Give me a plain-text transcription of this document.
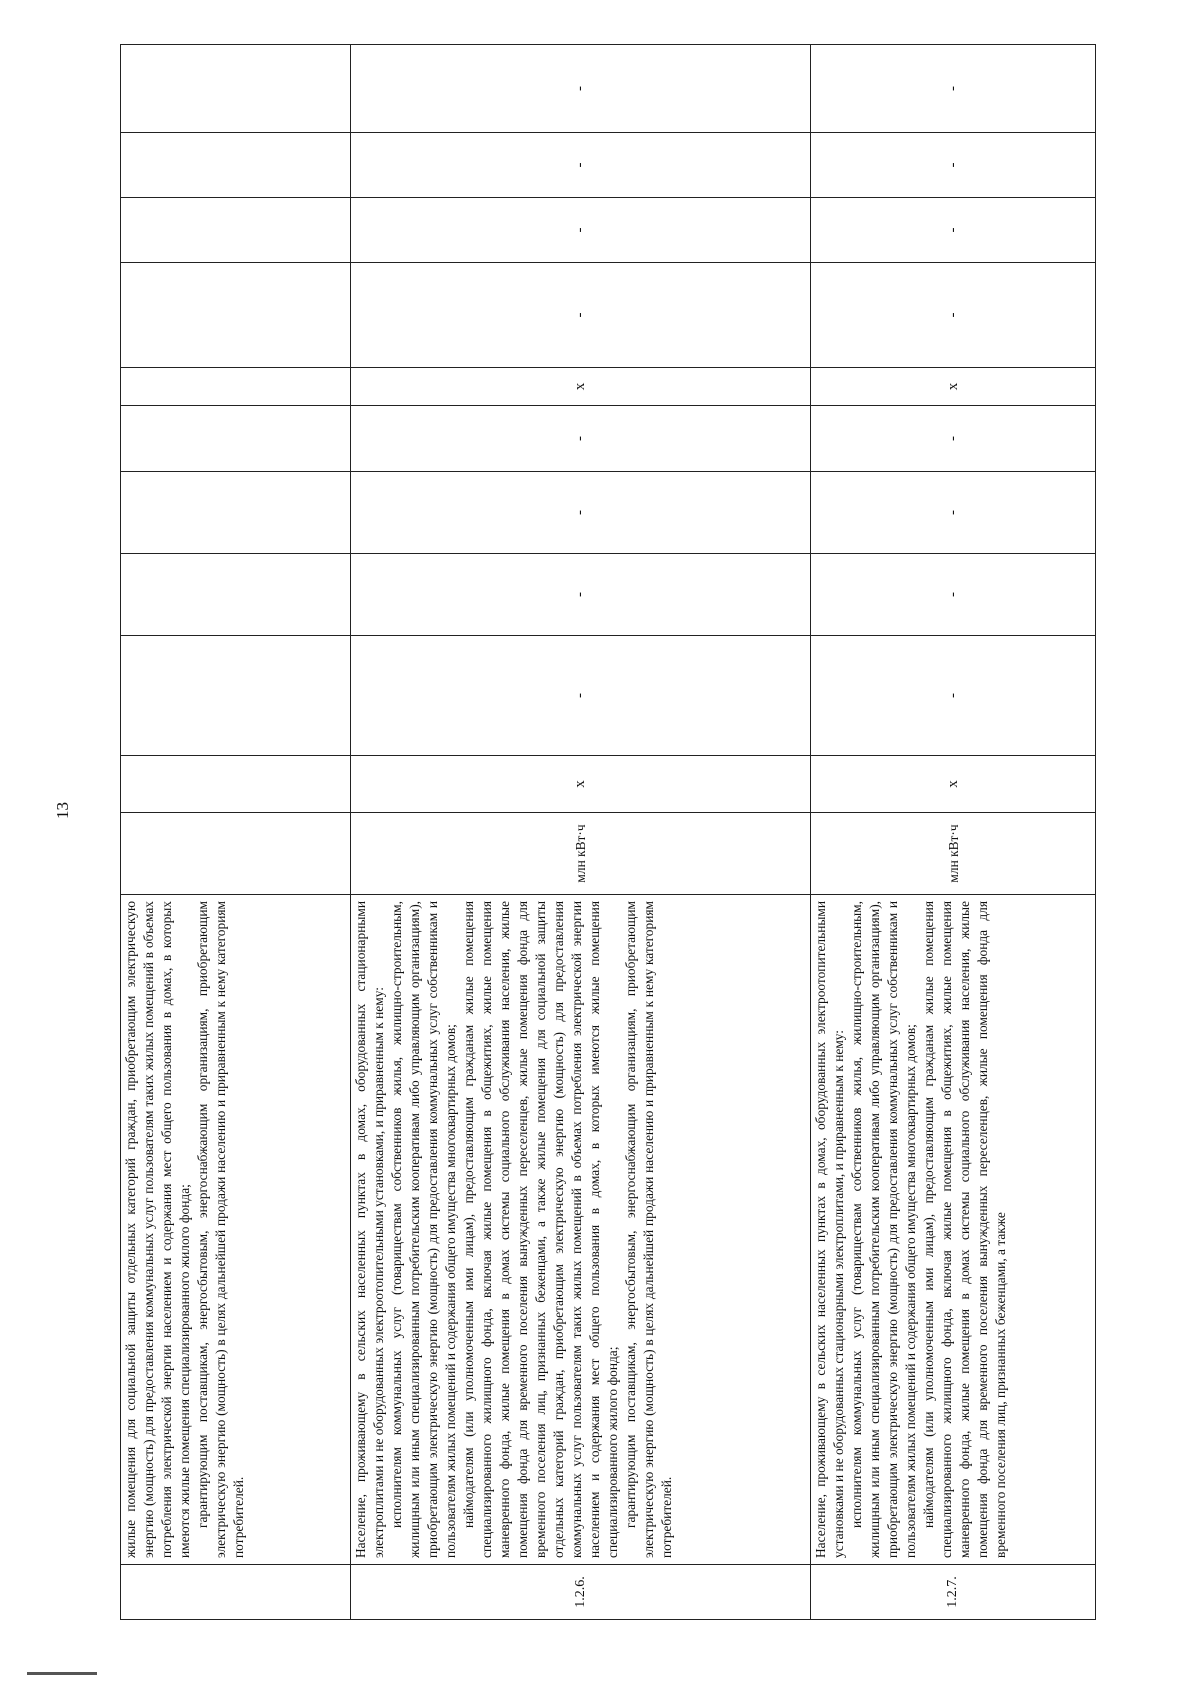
13

	жилые помещения для социальной защиты отдельных категорий граждан, приобретающим электрическую энергию (мощность) для предоставления коммунальных услуг пользователям таких жилых помещений в объемах потребления электрической энергии населением и содержания мест общего пользования в домах, в которых имеются жилые помещения специализированного жилого фонда; гарантирующим поставщикам, энергосбытовым, энергоснабжающим организациям, приобретающим электрическую энергию (мощность) в целях дальнейшей продажи населению и приравненным к нему категориям потребителей.											

1.2.6.	Население, проживающему в сельских населенных пунктах в домах, оборудованных стационарными электроплитами и не оборудованных электроотопительными установками, и приравненным к нему: исполнителям коммунальных услуг (товариществам собственников жилья, жилищно-строительным, жилищным или иным специализированным потребительским кооперативам либо управляющим организациям), приобретающим электрическую энергию (мощность) для предоставления коммунальных услуг собственникам и пользователям жилых помещений и содержания общего имущества многоквартирных домов; наймодателям (или уполномоченным ими лицам), предоставляющим гражданам жилые помещения специализированного жилищного фонда, включая жилые помещения в общежитиях, жилые помещения маневренного фонда, жилые помещения в домах системы социального обслуживания населения, жилые помещения фонда для временного поселения вынужденных переселенцев, жилые помещения фонда для временного поселения лиц, признанных беженцами, а также жилые помещения для социальной защиты отдельных категорий граждан, приобретающим электрическую энергию (мощность) для предоставления коммунальных услуг пользователям таких жилых помещений в объемах потребления электрической энергии населением и содержания мест общего пользования в домах, в которых имеются жилые помещения специализированного жилого фонда; гарантирующим поставщикам, энергосбытовым, энергоснабжающим организациям, приобретающим электрическую энергию (мощность) в целях дальнейшей продажи населению и приравненным к нему категориям потребителей.	млн кВт·ч	х	-	-	-	-	х	-	-	-	-
1.2.7.	Население, проживающему в сельских населенных пунктах в домах, оборудованных электроотопительными установками и не оборудованных стационарными электроплитами, и приравненным к нему: исполнителям коммунальных услуг (товариществам собственников жилья, жилищно-строительным, жилищным или иным специализированным потребительским кооперативам либо управляющим организациям), приобретающим электрическую энергию (мощность) для предоставления коммунальных услуг собственникам и пользователям жилых помещений и содержания общего имущества многоквартирных домов; наймодателям (или уполномоченным ими лицам), предоставляющим гражданам жилые помещения специализированного жилищного фонда, включая жилые помещения в общежитиях, жилые помещения маневренного фонда, жилые помещения в домах системы социального обслуживания населения, жилые помещения фонда для временного поселения вынужденных переселенцев, жилые помещения фонда для временного поселения лиц, признанных беженцами, а также	млн кВт·ч	х	-	-	-	-	х	-	-	-	-
